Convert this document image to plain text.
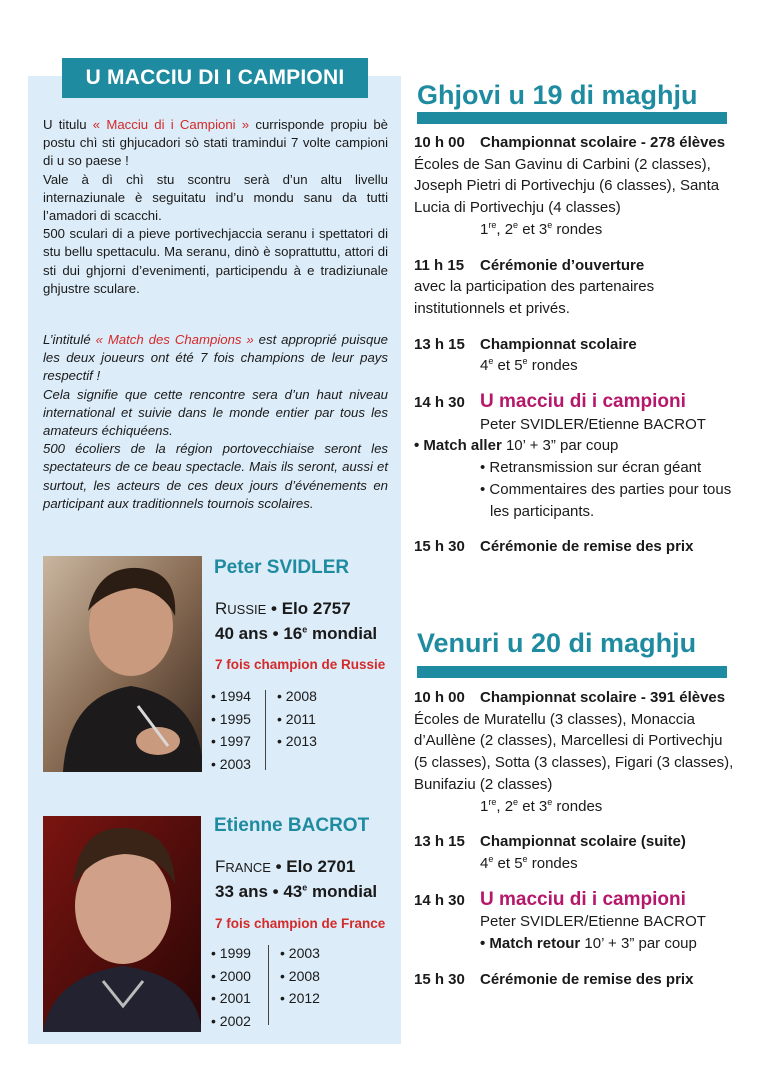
U MACCIU DI I CAMPIONI

U titulu « Macciu di i Campioni » currisponde propiu bè postu chì sti ghjucadori sò stati tramindui 7 volte campioni di u so paese !

Vale à dì chì stu scontru serà d’un altu livellu internaziunale è seguitatu ind’u mondu sanu da tutti l’amadori di scacchi.

500 sculari di a pieve portivechjaccia seranu i spettatori di stu bellu spettaculu. Ma seranu, dinò è soprattuttu, attori di sti dui ghjorni d’evenimenti, participendu à e tradiziunale ghjustre sculare.

L’intitulé « Match des Champions » est approprié puisque les deux joueurs ont été 7 fois champions de leur pays respectif !

Cela signifie que cette rencontre sera d’un haut niveau international et suivie dans le monde entier par tous les amateurs échiquéens.

500 écoliers de la région portovecchiaise seront les spectateurs de ce beau spectacle. Mais ils seront, aussi et surtout, les acteurs de ces deux jours d’événements en participant aux traditionnels tournois scolaires.

Peter SVIDLER
RUSSIE • Elo 2757
40 ans • 16e mondial
7 fois champion de Russie
• 1994
• 1995
• 1997
• 2003
• 2008
• 2011
• 2013
Etienne BACROT
FRANCE • Elo 2701
33 ans • 43e mondial
7 fois champion de France
• 1999
• 2000
• 2001
• 2002
• 2003
• 2008
• 2012
Ghjovi u 19 di maghju
10 h 00 Championnat scolaire - 278 élèves
Écoles de San Gavinu di Carbini (2 classes), Joseph Pietri di Portivechju (6 classes), Santa Lucia di Portivechju (4 classes)
1re, 2e et 3e rondes
11 h 15 Cérémonie d’ouverture
avec la participation des partenaires institutionnels et privés.
13 h 15 Championnat scolaire
4e et 5e rondes
14 h 30 U macciu di i campioni
Peter SVIDLER/Etienne BACROT
• Match aller 10’ + 3” par coup
• Retransmission sur écran géant
• Commentaires des parties pour tous les participants.
15 h 30 Cérémonie de remise des prix
Venuri u 20 di maghju
10 h 00 Championnat scolaire - 391 élèves
Écoles de Muratellu (3 classes), Monaccia d’Aullène (2 classes), Marcellesi di Portivechju (5 classes), Sotta (3 classes), Figari (3 classes), Bunifaziu (2 classes)
1re, 2e et 3e rondes
13 h 15 Championnat scolaire (suite)
4e et 5e rondes
14 h 30 U macciu di i campioni
Peter SVIDLER/Etienne BACROT
• Match retour 10’ + 3” par coup
15 h 30 Cérémonie de remise des prix
